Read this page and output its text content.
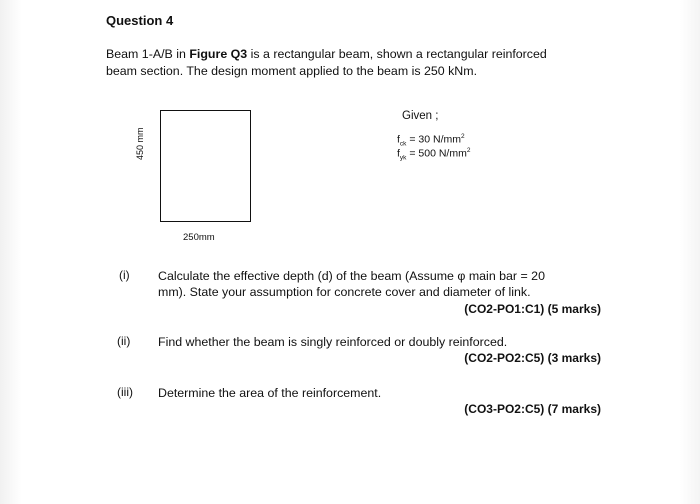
Question 4
Beam 1-A/B in Figure Q3 is a rectangular beam, shown a rectangular reinforced
beam section. The design moment applied to the beam is 250 kNm.
450 mm
250mm
Given ;
$f_{ck} = 30$ $N/mm^2$
$f_{yk} = 500$ $N/mm^2$
(i) Calculate the effective depth (d) of the beam (Assume φ main bar = 20
mm). State your assumption for concrete cover and diameter of link.
(CO2-PO1:C1) (5 marks)
(ii) Find whether the beam is singly reinforced or doubly reinforced.
(CO2-PO2:C5) (3 marks)
(iii) Determine the area of the reinforcement.
(CO3-PO2:C5) (7 marks)
